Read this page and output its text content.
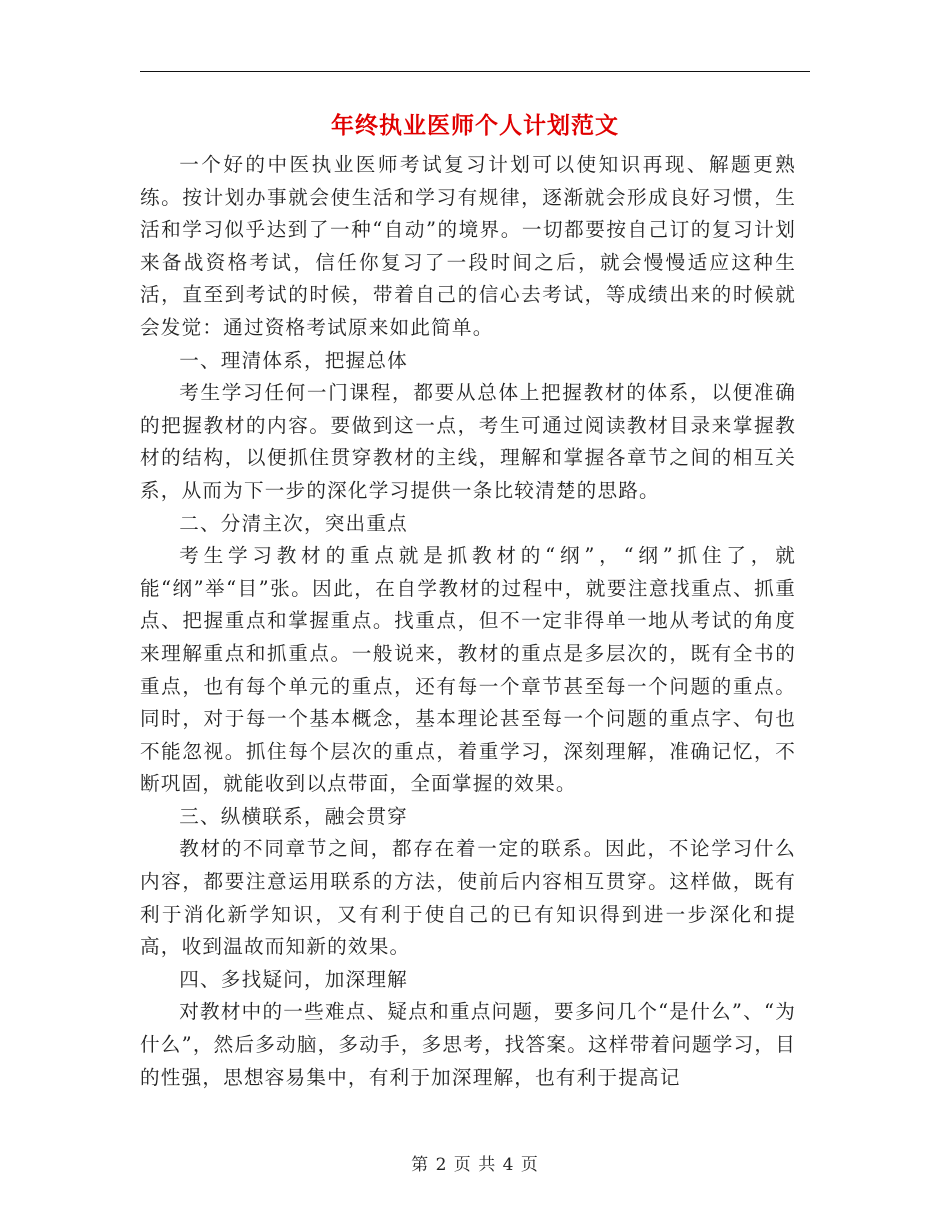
年终执业医师个人计划范文

一个好的中医执业医师考试复习计划可以使知识再现、解题更熟练。按计划办事就会使生活和学习有规律，逐渐就会形成良好习惯，生活和学习似乎达到了一种“自动”的境界。一切都要按自己订的复习计划来备战资格考试，信任你复习了一段时间之后，就会慢慢适应这种生活，直至到考试的时候，带着自己的信心去考试，等成绩出来的时候就会发觉：通过资格考试原来如此简单。

一、理清体系，把握总体

考生学习任何一门课程，都要从总体上把握教材的体系，以便准确的把握教材的内容。要做到这一点，考生可通过阅读教材目录来掌握教材的结构，以便抓住贯穿教材的主线，理解和掌握各章节之间的相互关系，从而为下一步的深化学习提供一条比较清楚的思路。

二、分清主次，突出重点

考生学习教材的重点就是抓教材的“纲”，“纲”抓住了，就能“纲”举“目”张。因此，在自学教材的过程中，就要注意找重点、抓重点、把握重点和掌握重点。找重点，但不一定非得单一地从考试的角度来理解重点和抓重点。一般说来，教材的重点是多层次的，既有全书的重点，也有每个单元的重点，还有每一个章节甚至每一个问题的重点。同时，对于每一个基本概念，基本理论甚至每一个问题的重点字、句也不能忽视。抓住每个层次的重点，着重学习，深刻理解，准确记忆，不断巩固，就能收到以点带面，全面掌握的效果。

三、纵横联系，融会贯穿

教材的不同章节之间，都存在着一定的联系。因此，不论学习什么内容，都要注意运用联系的方法，使前后内容相互贯穿。这样做，既有利于消化新学知识，又有利于使自己的已有知识得到进一步深化和提高，收到温故而知新的效果。

四、多找疑问，加深理解

对教材中的一些难点、疑点和重点问题，要多问几个“是什么”、“为什么”，然后多动脑，多动手，多思考，找答案。这样带着问题学习，目的性强，思想容易集中，有利于加深理解，也有利于提高记

第 2 页 共 4 页
